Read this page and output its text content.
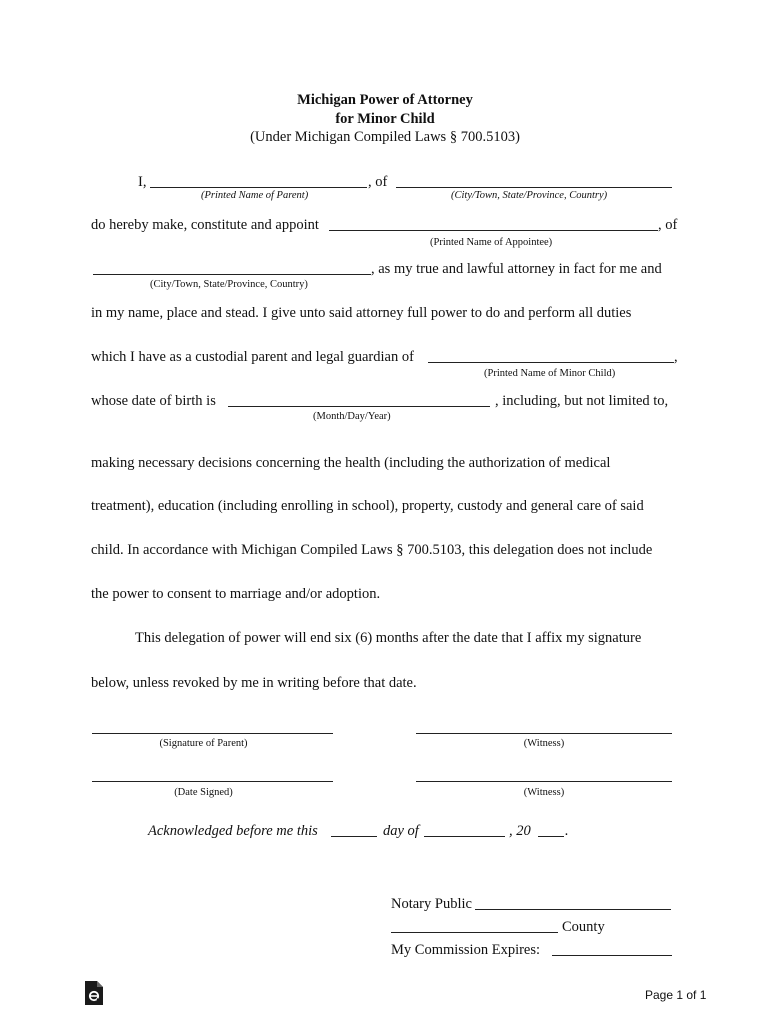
Michigan Power of Attorney
for Minor Child
(Under Michigan Compiled Laws § 700.5103)
I,	, of
(Printed Name of Parent)	(City/Town, State/Province, Country)
do hereby make, constitute and appoint	, of
(Printed Name of Appointee)
, as my true and lawful attorney in fact for me and
(City/Town, State/Province, Country)
in my name, place and stead. I give unto said attorney full power to do and perform all duties
which I have as a custodial parent and legal guardian of	,
(Printed Name of Minor Child)
whose date of birth is	, including, but not limited to,
(Month/Day/Year)
making necessary decisions concerning the health (including the authorization of medical
treatment), education (including enrolling in school), property, custody and general care of said
child. In accordance with Michigan Compiled Laws § 700.5103, this delegation does not include
the power to consent to marriage and/or adoption.
This delegation of power will end six (6) months after the date that I affix my signature
below, unless revoked by me in writing before that date.
(Signature of Parent)	(Witness)
(Date Signed)	(Witness)
Acknowledged before me this	day of	, 20 .
Notary Public
County
My Commission Expires:
Page 1 of 1
